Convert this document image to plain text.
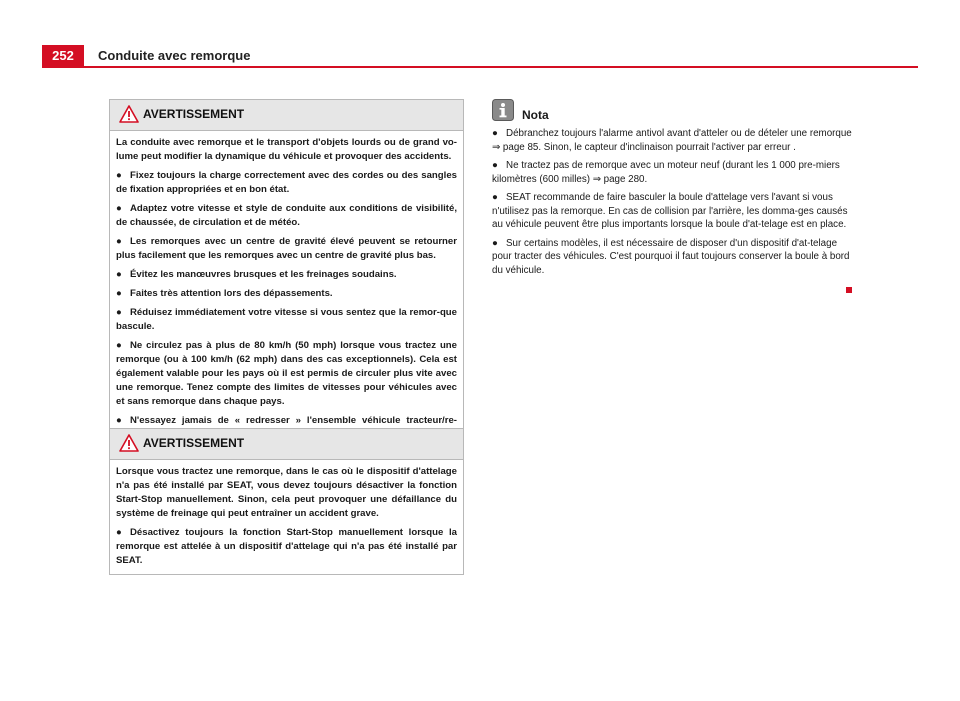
252	Conduite avec remorque
AVERTISSEMENT

La conduite avec remorque et le transport d'objets lourds ou de grand vo-lume peut modifier la dynamique du véhicule et provoquer des accidents.

● Fixez toujours la charge correctement avec des cordes ou des sangles de fixation appropriées et en bon état.

● Adaptez votre vitesse et style de conduite aux conditions de visibilité, de chaussée, de circulation et de météo.

● Les remorques avec un centre de gravité élevé peuvent se retourner plus facilement que les remorques avec un centre de gravité plus bas.

● Évitez les manœuvres brusques et les freinages soudains.

● Faites très attention lors des dépassements.

● Réduisez immédiatement votre vitesse si vous sentez que la remor-que bascule.

● Ne circulez pas à plus de 80 km/h (50 mph) lorsque vous tractez une remorque (ou à 100 km/h (62 mph) dans des cas exceptionnels). Cela est également valable pour les pays où il est permis de circuler plus vite avec une remorque. Tenez compte des limites de vitesses pour véhicules avec et sans remorque dans chaque pays.

● N'essayez jamais de « redresser » l'ensemble véhicule tracteur/re-

AVERTISSEMENT

Lorsque vous tractez une remorque, dans le cas où le dispositif d'attelage n'a pas été installé par SEAT, vous devez toujours désactiver la fonction Start-Stop manuellement. Sinon, cela peut provoquer une défaillance du système de freinage qui peut entraîner un accident grave.

● Désactivez toujours la fonction Start-Stop manuellement lorsque la remorque est attelée à un dispositif d'attelage qui n'a pas été installé par SEAT.

Nota

● Débranchez toujours l'alarme antivol avant d'atteler ou de dételer une remorque ⇒ page 85. Sinon, le capteur d'inclinaison pourrait l'activer par erreur .

● Ne tractez pas de remorque avec un moteur neuf (durant les 1 000 pre-miers kilomètres (600 milles) ⇒ page 280.

● SEAT recommande de faire basculer la boule d'attelage vers l'avant si vous n'utilisez pas la remorque. En cas de collision par l'arrière, les domma-ges causés au véhicule peuvent être plus importants lorsque la boule d'at-telage est en place.

● Sur certains modèles, il est nécessaire de disposer d'un dispositif d'at-telage pour tracter des véhicules. C'est pourquoi il faut toujours conserver la boule à bord du véhicule.
